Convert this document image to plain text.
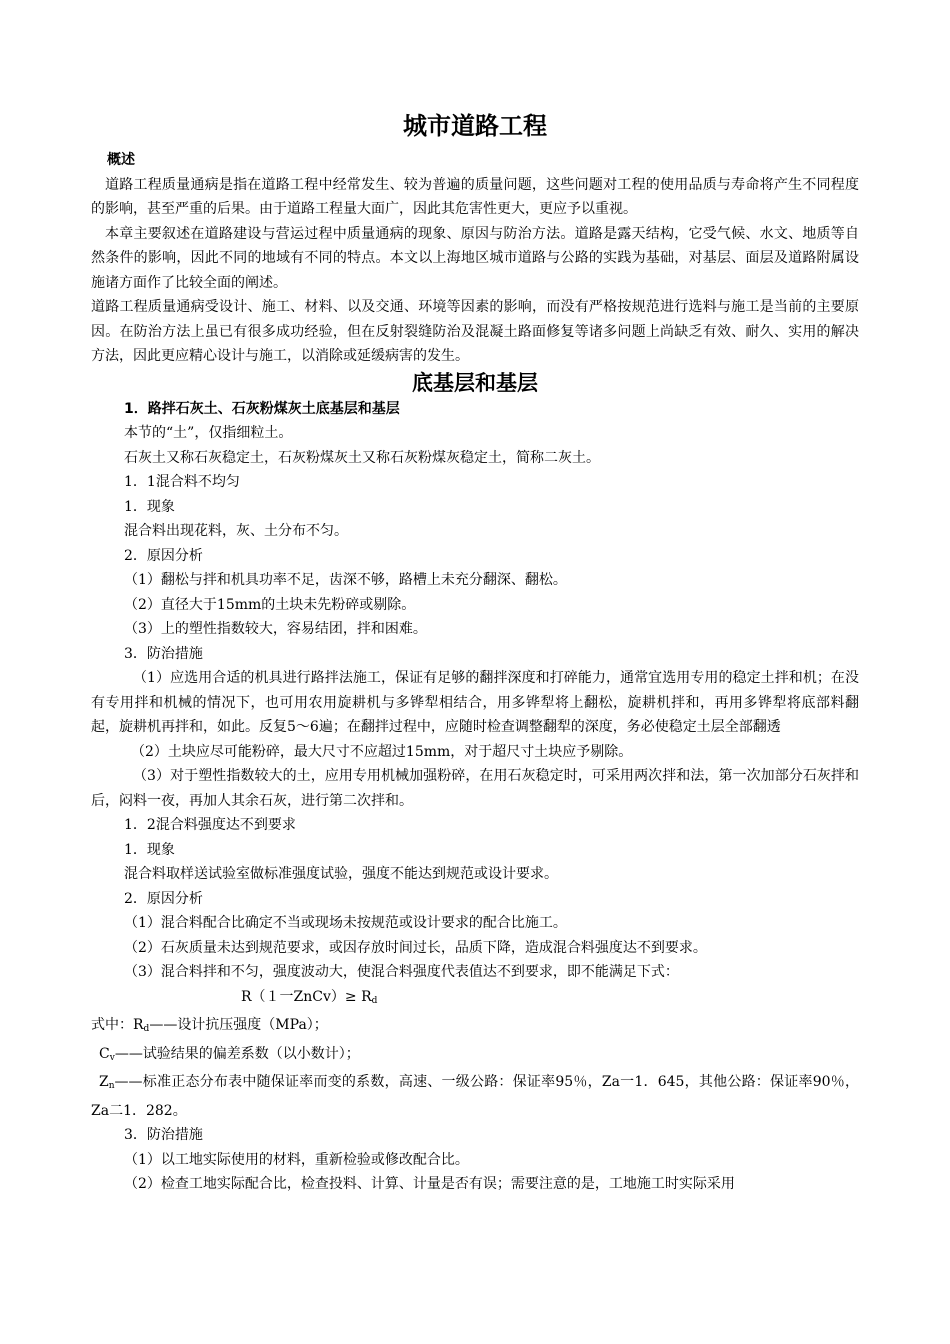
城市道路工程
概述

道路工程质量通病是指在道路工程中经常发生、较为普遍的质量问题，这些问题对工程的使用品质与寿命将产生不同程度的影响，甚至严重的后果。由于道路工程量大面广，因此其危害性更大，更应予以重视。

本章主要叙述在道路建设与营运过程中质量通病的现象、原因与防治方法。道路是露天结构，它受气候、水文、地质等自然条件的影响，因此不同的地域有不同的特点。本文以上海地区城市道路与公路的实践为基础，对基层、面层及道路附属设施诸方面作了比较全面的阐述。

道路工程质量通病受设计、施工、材料、以及交通、环境等因素的影响，而没有严格按规范进行选料与施工是当前的主要原因。在防治方法上虽已有很多成功经验，但在反射裂缝防治及混凝土路面修复等诸多问题上尚缺乏有效、耐久、实用的解决方法，因此更应精心设计与施工，以消除或延缓病害的发生。

底基层和基层
1．路拌石灰土、石灰粉煤灰土底基层和基层

本节的“土”，仅指细粒土。

石灰土又称石灰稳定土，石灰粉煤灰土又称石灰粉煤灰稳定土，简称二灰土。

1．1混合料不均匀

1．现象

混合料出现花料，灰、土分布不匀。

2．原因分析

（1）翻松与拌和机具功率不足，齿深不够，路槽上未充分翻深、翻松。

（2）直径大于15mm的土块未先粉碎或剔除。

（3）上的塑性指数较大，容易结团，拌和困难。

3．防治措施

（1）应选用合适的机具进行路拌法施工，保证有足够的翻拌深度和打碎能力，通常宜选用专用的稳定土拌和机；在没有专用拌和机械的情况下，也可用农用旋耕机与多铧犁相结合，用多铧犁将上翻松，旋耕机拌和，再用多铧犁将底部料翻起，旋耕机再拌和，如此。反复5～6遍；在翻拌过程中，应随时检查调整翻犁的深度，务必使稳定土层全部翻透

（2）土块应尽可能粉碎，最大尺寸不应超过15mm，对于超尺寸土块应予剔除。

（3）对于塑性指数较大的土，应用专用机械加强粉碎，在用石灰稳定时，可采用两次拌和法，第一次加部分石灰拌和后，闷料一夜，再加人其余石灰，进行第二次拌和。

1．2混合料强度达不到要求

1．现象

混合料取样送试验室做标准强度试验，强度不能达到规范或设计要求。

2．原因分析

（1）混合料配合比确定不当或现场未按规范或设计要求的配合比施工。

（2）石灰质量未达到规范要求，或因存放时间过长，品质下降，造成混合料强度达不到要求。

（3）混合料拌和不匀，强度波动大，使混合料强度代表值达不到要求，即不能满足下式：

R（１一ZnCv）≥ $R_d$

式中：$R_d——$设计抗压强度（MPa）；

$C_v——$试验结果的偏差系数（以小数计）；

$Z_n——$标准正态分布表中随保证率而变的系数，高速、一级公路：保证率95％，Za一1．645，其他公路：保证率90％，Za二1．282。

3．防治措施

（1）以工地实际使用的材料，重新检验或修改配合比。

（2）检查工地实际配合比，检查投料、计算、计量是否有误；需要注意的是，工地施工时实际采用
